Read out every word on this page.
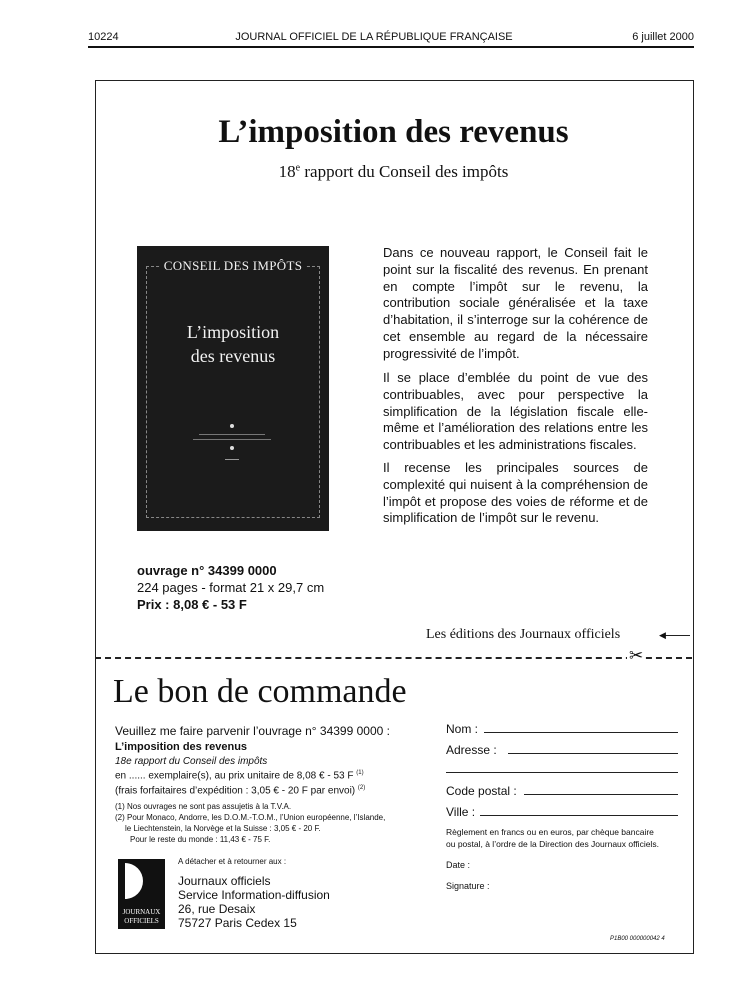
10224	JOURNAL OFFICIEL DE LA RÉPUBLIQUE FRANÇAISE	6 juillet 2000
L’imposition des revenus
18e rapport du Conseil des impôts
CONSEIL DES IMPÔTS
L’imposition
des revenus
Dans ce nouveau rapport, le Conseil fait le point sur la fiscalité des revenus. En prenant en compte l’impôt sur le revenu, la contribution sociale généralisée et la taxe d’habitation, il s’interroge sur la cohérence de cet ensemble au regard de la nécessaire progressivité de l’impôt.
Il se place d’emblée du point de vue des contribuables, avec pour perspective la simplification de la législation fiscale elle-même et l’amélioration des relations entre les contribuables et les administrations fiscales.
Il recense les principales sources de complexité qui nuisent à la compréhension de l’impôt et propose des voies de réforme et de simplification de l’impôt sur le revenu.
ouvrage n° 34399 0000
224 pages - format 21 x 29,7 cm
Prix : 8,08 € - 53 F
Les éditions des Journaux officiels	◀
✂
Le bon de commande
Veuillez me faire parvenir l’ouvrage n° 34399 0000 :
L’imposition des revenus
18e rapport du Conseil des impôts
en ...... exemplaire(s), au prix unitaire de 8,08 € - 53 F $^{(1)}$
(frais forfaitaires d’expédition : 3,05 € - 20 F par envoi) $^{(2)}$
(1) Nos ouvrages ne sont pas assujetis à la T.V.A.
(2) Pour Monaco, Andorre, les D.O.M.-T.O.M., l’Union européenne, l’Islande,
le Liechtenstein, la Norvège et la Suisse : 3,05 € - 20 F.
Pour le reste du monde : 11,43 € - 75 F.
JOURNAUX
OFFICIELS
A détacher et à retourner aux :
Journaux officiels
Service Information-diffusion
26, rue Desaix
75727 Paris Cedex 15
Nom :
Adresse :
Code postal :
Ville :
Règlement en francs ou en euros, par chèque bancaire
ou postal, à l’ordre de la Direction des Journaux officiels.
Date :
Signature :
P1B00 000000042 4
